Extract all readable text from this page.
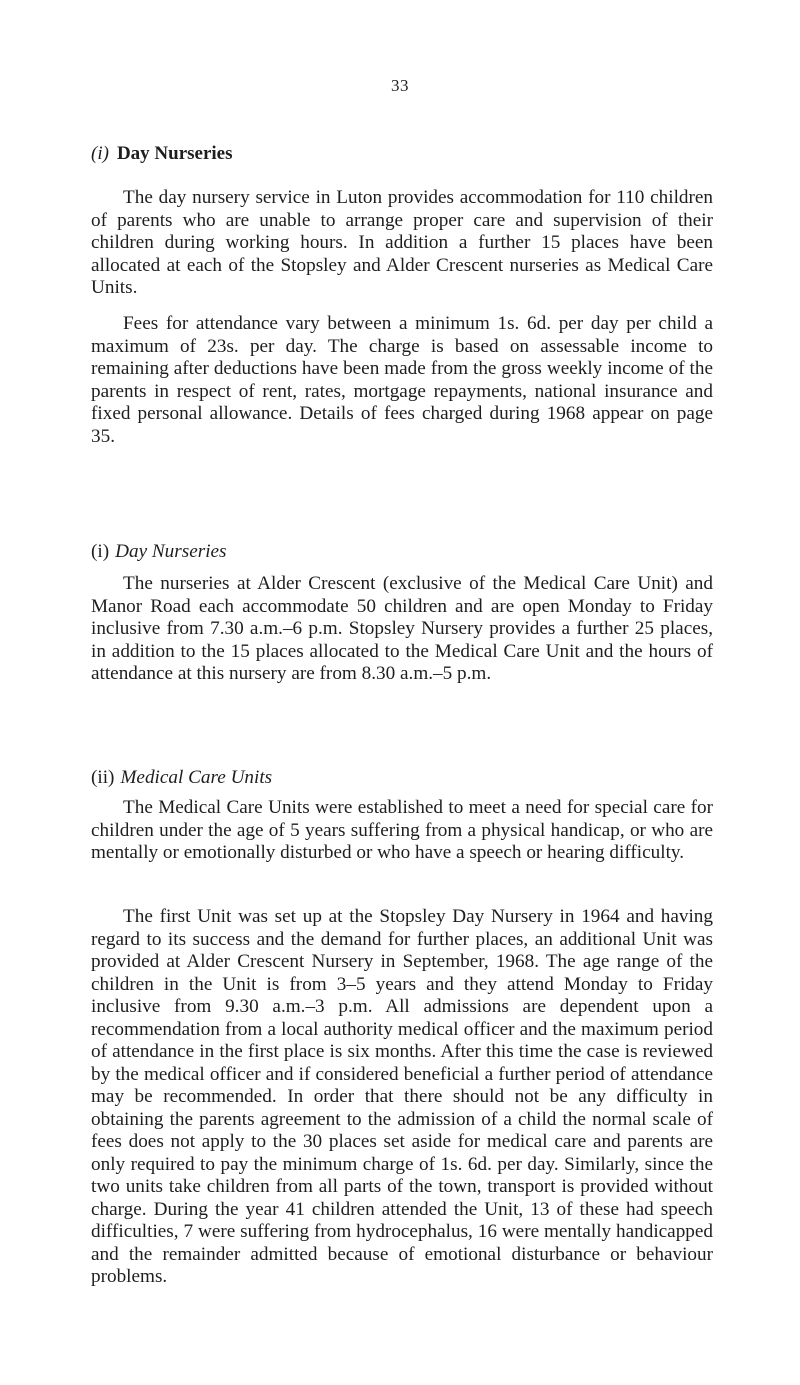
33
(i) Day Nurseries

The day nursery service in Luton provides accommodation for 110 children of parents who are unable to arrange proper care and supervision of their children during working hours. In addition a further 15 places have been allocated at each of the Stopsley and Alder Crescent nurseries as Medical Care Units.

Fees for attendance vary between a minimum 1s. 6d. per day per child a maximum of 23s. per day. The charge is based on assessable income to remaining after deductions have been made from the gross weekly income of the parents in respect of rent, rates, mortgage repayments, national insurance and fixed personal allowance. Details of fees charged during 1968 appear on page 35.

(i) Day Nurseries

The nurseries at Alder Crescent (exclusive of the Medical Care Unit) and Manor Road each accommodate 50 children and are open Monday to Friday inclusive from 7.30 a.m.–6 p.m. Stopsley Nursery provides a further 25 places, in addition to the 15 places allocated to the Medical Care Unit and the hours of attendance at this nursery are from 8.30 a.m.–5 p.m.

(ii) Medical Care Units

The Medical Care Units were established to meet a need for special care for children under the age of 5 years suffering from a physical handicap, or who are mentally or emotionally disturbed or who have a speech or hearing difficulty.

The first Unit was set up at the Stopsley Day Nursery in 1964 and having regard to its success and the demand for further places, an additional Unit was provided at Alder Crescent Nursery in September, 1968. The age range of the children in the Unit is from 3–5 years and they attend Monday to Friday inclusive from 9.30 a.m.–3 p.m. All admissions are dependent upon a recommendation from a local authority medical officer and the maximum period of attendance in the first place is six months. After this time the case is reviewed by the medical officer and if considered beneficial a further period of attendance may be recommended. In order that there should not be any difficulty in obtaining the parents agreement to the admission of a child the normal scale of fees does not apply to the 30 places set aside for medical care and parents are only required to pay the minimum charge of 1s. 6d. per day. Similarly, since the two units take children from all parts of the town, transport is provided without charge. During the year 41 children attended the Unit, 13 of these had speech difficulties, 7 were suffering from hydrocephalus, 16 were mentally handicapped and the remainder admitted because of emotional disturbance or behaviour problems.
